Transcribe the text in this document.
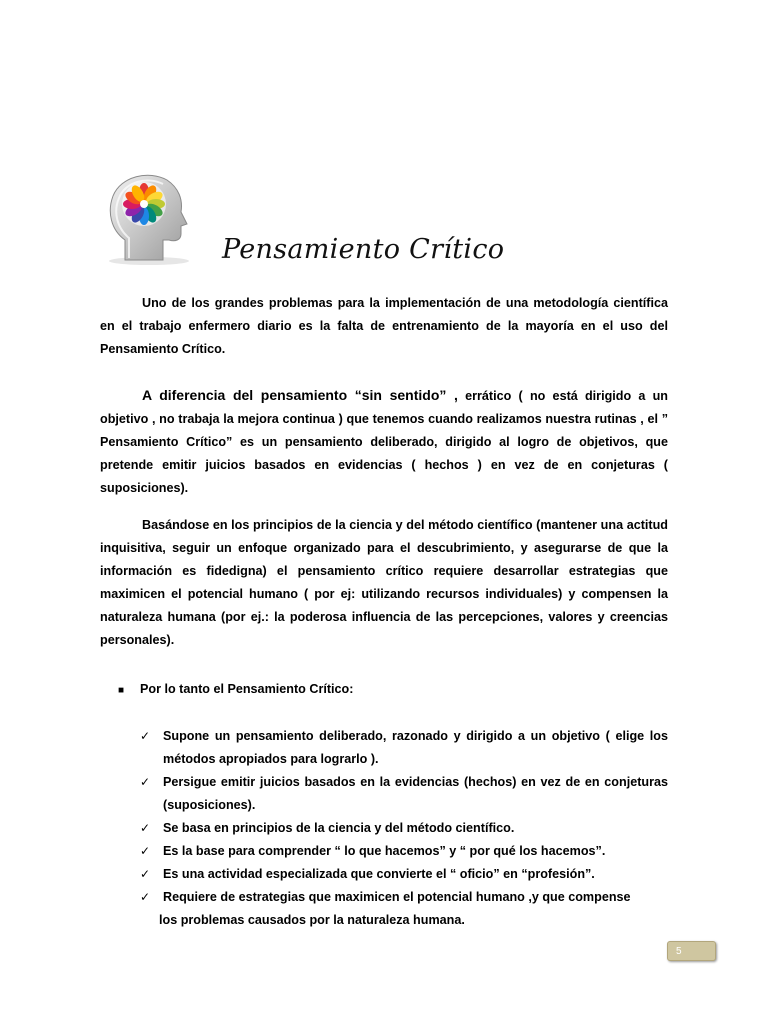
Pensamiento Crítico

Uno de los grandes problemas para la implementación de una metodología científica en el trabajo enfermero diario es la falta de entrenamiento de la mayoría en el uso del Pensamiento Crítico.

A diferencia del pensamiento “sin sentido” , errático ( no está dirigido a un objetivo , no trabaja la mejora continua ) que tenemos cuando realizamos nuestra rutinas , el ” Pensamiento Crítico” es un pensamiento deliberado, dirigido al logro de objetivos, que pretende emitir juicios basados en evidencias ( hechos ) en vez de en conjeturas ( suposiciones).

Basándose en los principios de la ciencia y del método científico (mantener una actitud inquisitiva, seguir un enfoque organizado para el descubrimiento, y asegurarse de que la información es fidedigna) el pensamiento crítico requiere desarrollar estrategias que maximicen el potencial humano ( por ej: utilizando recursos individuales) y compensen la naturaleza humana (por ej.: la poderosa influencia de las percepciones, valores y creencias personales).

■ Por lo tanto el Pensamiento Crítico:
✓ Supone un pensamiento deliberado, razonado y dirigido a un objetivo ( elige los métodos apropiados para lograrlo ).
✓ Persigue emitir juicios basados en la evidencias (hechos) en vez de en conjeturas (suposiciones).
✓ Se basa en principios de la ciencia y del método científico.
✓ Es la base para comprender “ lo que hacemos” y “ por qué los hacemos”.
✓ Es una actividad especializada que convierte el “ oficio” en “profesión”.
✓ Requiere de estrategias que maximicen el potencial humano ,y que compense
los problemas causados por la naturaleza humana.
5
